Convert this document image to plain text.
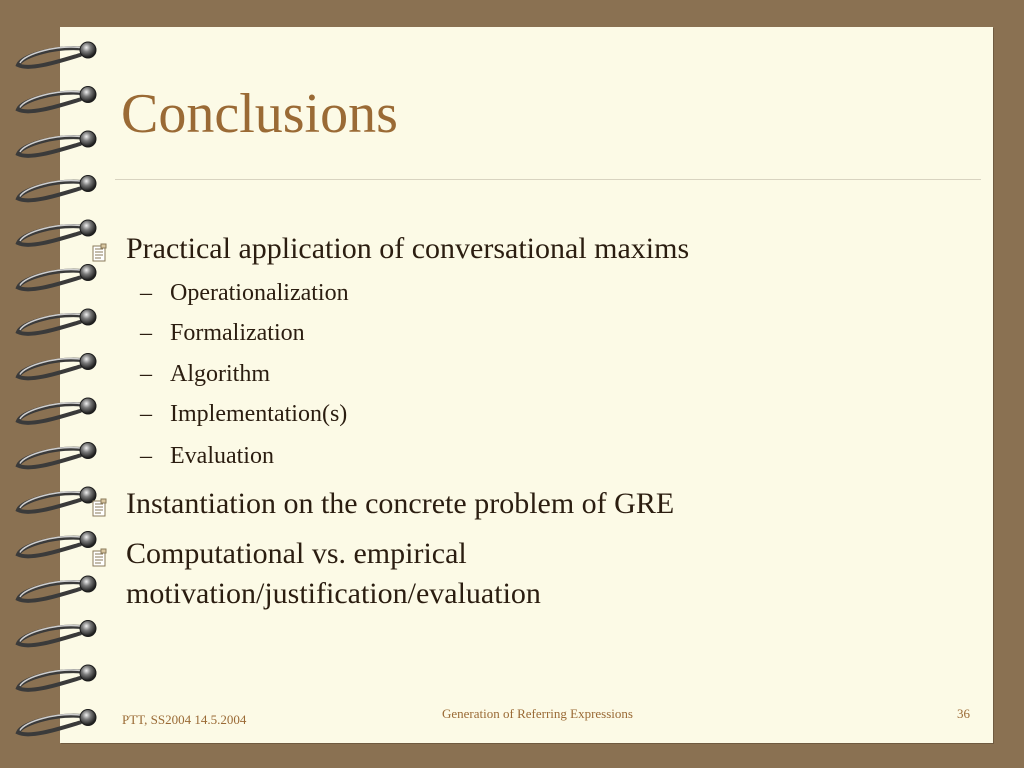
Conclusions
Practical application of conversational maxims
– Operationalization
– Formalization
– Algorithm
– Implementation(s)
– Evaluation
Instantiation on the concrete problem of GRE
Computational vs. empirical
motivation/justification/evaluation
PTT, SS2004 14.5.2004	Generation of Referring Expressions	36
